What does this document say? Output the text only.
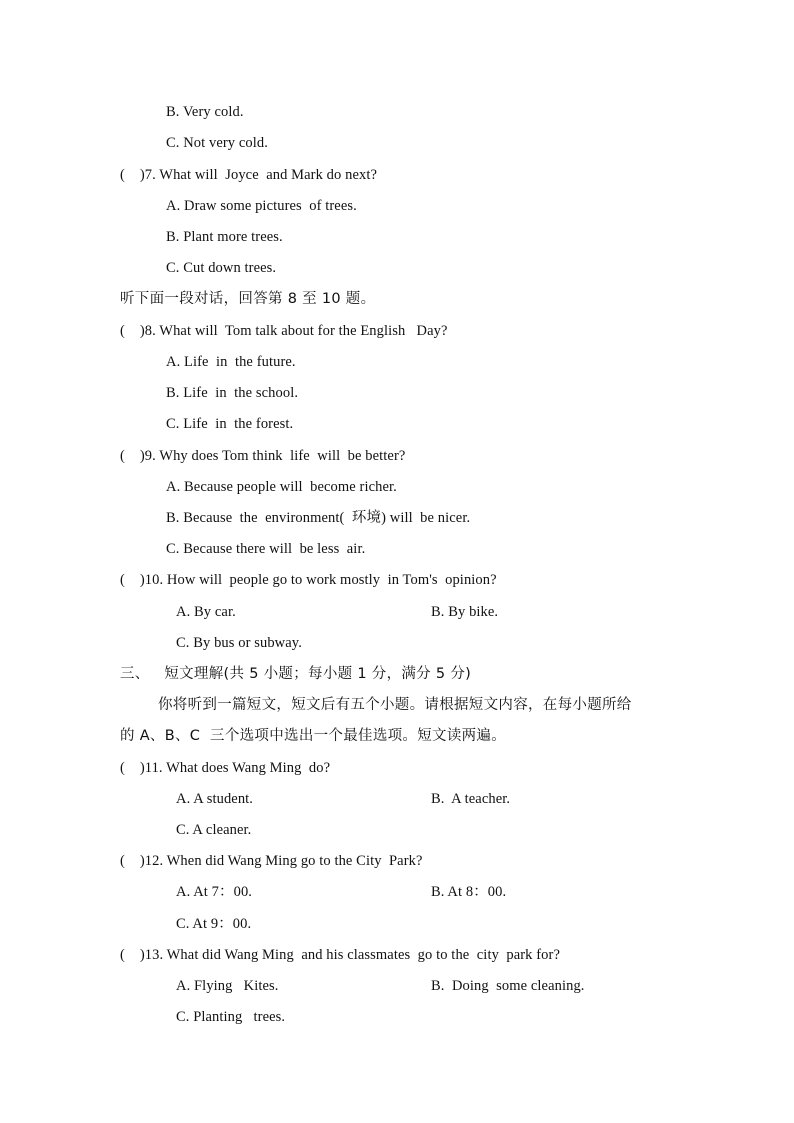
B. Very cold.
C. Not very cold.
(    )7. What will  Joyce  and Mark do next?
A. Draw some pictures  of trees.
B. Plant more trees.
C. Cut down trees.
听下面一段对话，回答第 8 至 10 题。
(    )8. What will  Tom talk about for the English   Day?
A. Life  in  the future.
B. Life  in  the school.
C. Life  in  the forest.
(    )9. Why does Tom think  life  will  be better?
A. Because people will  become richer.
B. Because  the  environment(  环境) will  be nicer.
C. Because there will  be less  air.
(    )10. How will  people go to work mostly  in Tom's  opinion?
A. By car.	B. By bike.
C. By bus or subway.
三、   短文理解(共 5 小题；每小题 1 分，满分 5 分)
你将听到一篇短文，短文后有五个小题。请根据短文内容，在每小题所给
的 A、B、C  三个选项中选出一个最佳选项。短文读两遍。
(    )11. What does Wang Ming  do?
A. A student.	B.  A teacher.
C. A cleaner.
(    )12. When did Wang Ming go to the City  Park?
A. At 7：00.	B. At 8：00.
C. At 9：00.
(    )13. What did Wang Ming  and his classmates  go to the  city  park for?
A. Flying   Kites.	B.  Doing  some cleaning.
C. Planting   trees.
